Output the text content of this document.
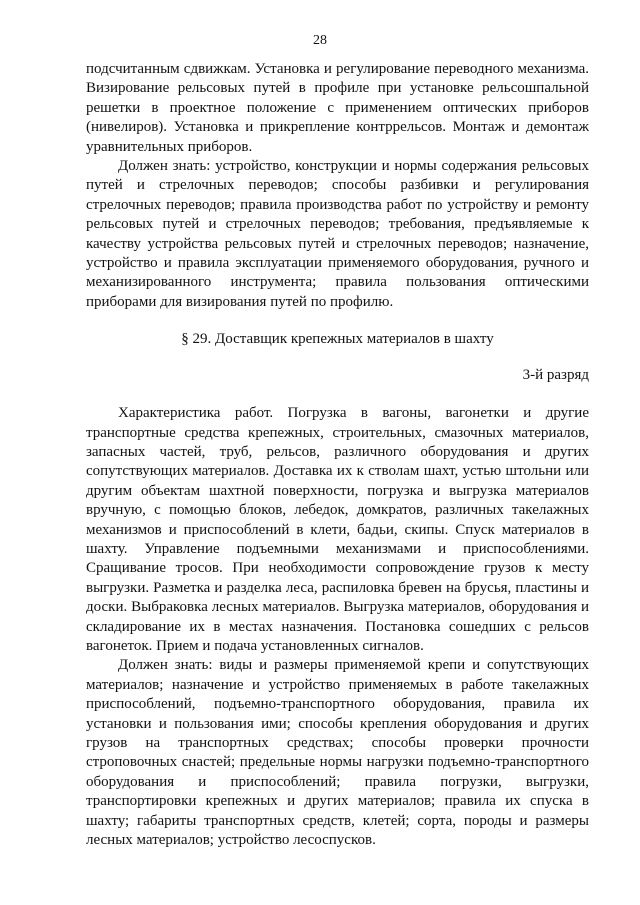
28

подсчитанным сдвижкам. Установка и регулирование переводного механизма. Визирование рельсовых путей в профиле при установке рельсошпальной решетки в проектное положение с применением оптических приборов (нивелиров). Установка и прикрепление контррельсов. Монтаж и демонтаж уравнительных приборов.

Должен знать: устройство, конструкции и нормы содержания рельсовых путей и стрелочных переводов; способы разбивки и регулирования стрелочных переводов; правила производства работ по устройству и ремонту рельсовых путей и стрелочных переводов; требования, предъявляемые к качеству устройства рельсовых путей и стрелочных переводов; назначение, устройство и правила эксплуатации применяемого оборудования, ручного и механизированного инструмента; правила пользования оптическими приборами для визирования путей по профилю.

§ 29. Доставщик крепежных материалов в шахту

3-й разряд

Характеристика работ. Погрузка в вагоны, вагонетки и другие транспортные средства крепежных, строительных, смазочных материалов, запасных частей, труб, рельсов, различного оборудования и других сопутствующих материалов. Доставка их к стволам шахт, устью штольни или другим объектам шахтной поверхности, погрузка и выгрузка материалов вручную, с помощью блоков, лебедок, домкратов, различных такелажных механизмов и приспособлений в клети, бадьи, скипы. Спуск материалов в шахту. Управление подъемными механизмами и приспособлениями. Сращивание тросов. При необходимости сопровождение грузов к месту выгрузки. Разметка и разделка леса, распиловка бревен на брусья, пластины и доски. Выбраковка лесных материалов. Выгрузка материалов, оборудования и складирование их в местах назначения. Постановка сошедших с рельсов вагонеток. Прием и подача установленных сигналов.

Должен знать: виды и размеры применяемой крепи и сопутствующих материалов; назначение и устройство применяемых в работе такелажных приспособлений, подъемно-транспортного оборудования, правила их установки и пользования ими; способы крепления оборудования и других грузов на транспортных средствах; способы проверки прочности строповочных снастей; предельные нормы нагрузки подъемно-транспортного оборудования и приспособлений; правила погрузки, выгрузки, транспортировки крепежных и других материалов; правила их спуска в шахту; габариты транспортных средств, клетей; сорта, породы и размеры лесных материалов; устройство лесоспусков.
